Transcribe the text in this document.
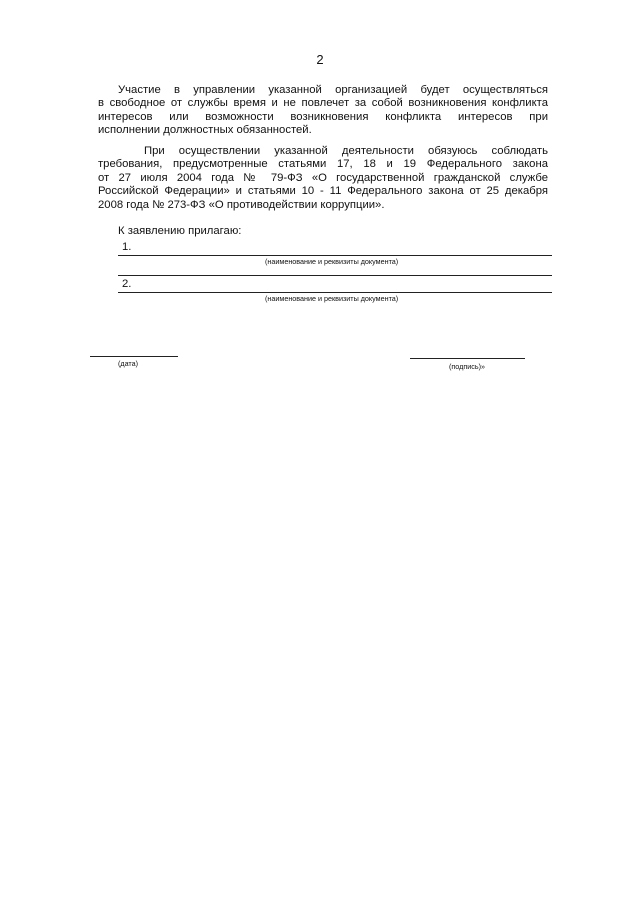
2

Участие в управлении указанной организацией будет осуществляться
в свободное от службы время и не повлечет за собой возникновения конфликта
интересов или возможности возникновения конфликта интересов при
исполнении должностных обязанностей.

При осуществлении указанной деятельности обязуюсь соблюдать
требования, предусмотренные статьями 17, 18 и 19 Федерального закона
от 27 июля 2004 года № 79-ФЗ «О государственной гражданской службе
Российской Федерации» и статьями 10 - 11 Федерального закона от 25 декабря
2008 года № 273-ФЗ «О противодействии коррупции».

К заявлению прилагаю:
1.
(наименование и реквизиты документа)
2.
(наименование и реквизиты документа)
(дата)	(подпись)»
